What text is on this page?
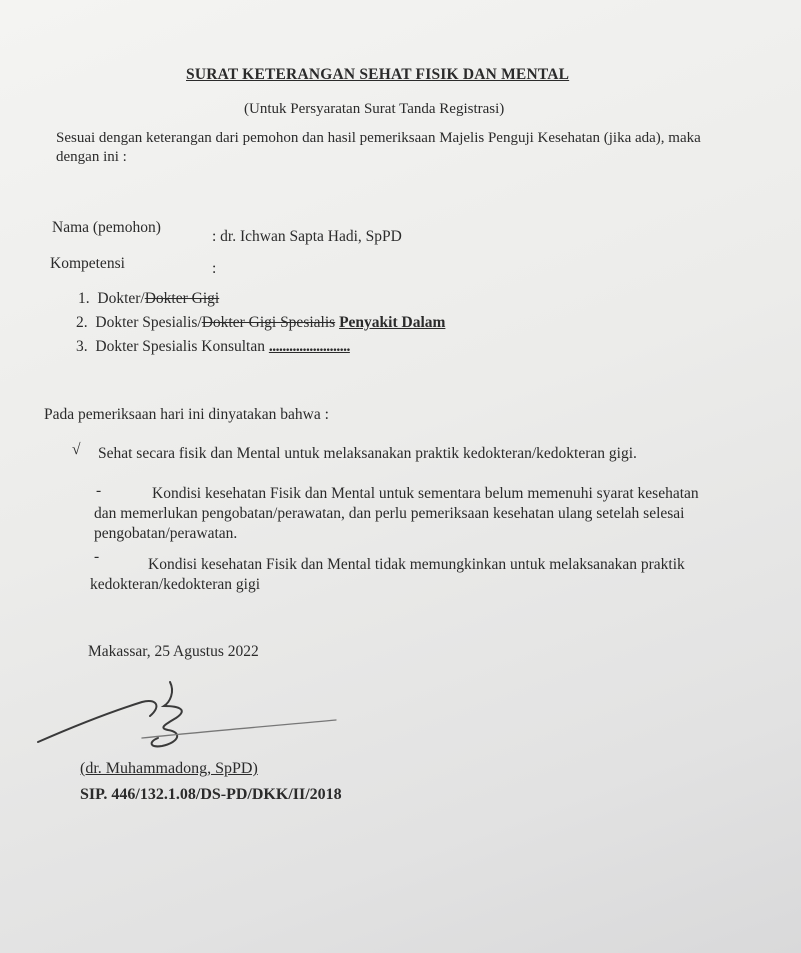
SURAT KETERANGAN SEHAT FISIK DAN MENTAL
(Untuk Persyaratan Surat Tanda Registrasi)
Sesuai dengan keterangan dari pemohon dan hasil pemeriksaan Majelis Penguji Kesehatan (jika ada), maka dengan ini :
Nama (pemohon)
: dr. Ichwan Sapta Hadi, SpPD
Kompetensi	:
1. Dokter/Dokter Gigi
2. Dokter Spesialis/Dokter Gigi Spesialis Penyakit Dalam
3. Dokter Spesialis Konsultan ........................
Pada pemeriksaan hari ini dinyatakan bahwa :
√ Sehat secara fisik dan Mental untuk melaksanakan praktik kedokteran/kedokteran gigi.
-	Kondisi kesehatan Fisik dan Mental untuk sementara belum memenuhi syarat kesehatan dan memerlukan pengobatan/perawatan, dan perlu pemeriksaan kesehatan ulang setelah selesai pengobatan/perawatan.
-	Kondisi kesehatan Fisik dan Mental tidak memungkinkan untuk melaksanakan praktik kedokteran/kedokteran gigi
Makassar, 25 Agustus 2022
(dr. Muhammadong, SpPD)
SIP. 446/132.1.08/DS-PD/DKK/II/2018
